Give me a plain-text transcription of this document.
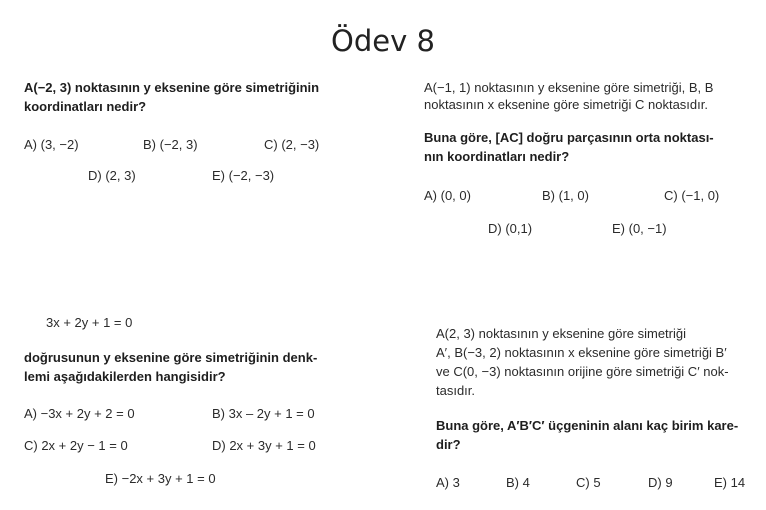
Ödev 8
A(−2, 3) noktasının y eksenine göre simetriğinin
koordinatları nedir?
A) (3, −2)	B) (−2, 3)	C) (2, −3)
D) (2, 3)	E) (−2, −3)
A(−1, 1) noktasının y eksenine göre simetriği, B, B
noktasının x eksenine göre simetriği C noktasıdır.
Buna göre, [AC] doğru parçasının orta noktası-
nın koordinatları nedir?
A) (0, 0)	B) (1, 0)	C) (−1, 0)
D) (0,1)	E) (0, −1)
3x + 2y + 1 = 0
doğrusunun y eksenine göre simetriğinin denk-
lemi aşağıdakilerden hangisidir?
A) −3x + 2y + 2 = 0	B) 3x – 2y + 1 = 0
C) 2x + 2y − 1 = 0	D) 2x + 3y + 1 = 0
E) −2x + 3y + 1 = 0
A(2, 3) noktasının y eksenine göre simetriği
A′, B(−3, 2) noktasının x eksenine göre simetriği B′
ve C(0, −3) noktasının orijine göre simetriği C′ nok-
tasıdır.
Buna göre, A′B′C′ üçgeninin alanı kaç birim kare-
dir?
A) 3	B) 4	C) 5	D) 9	E) 14
